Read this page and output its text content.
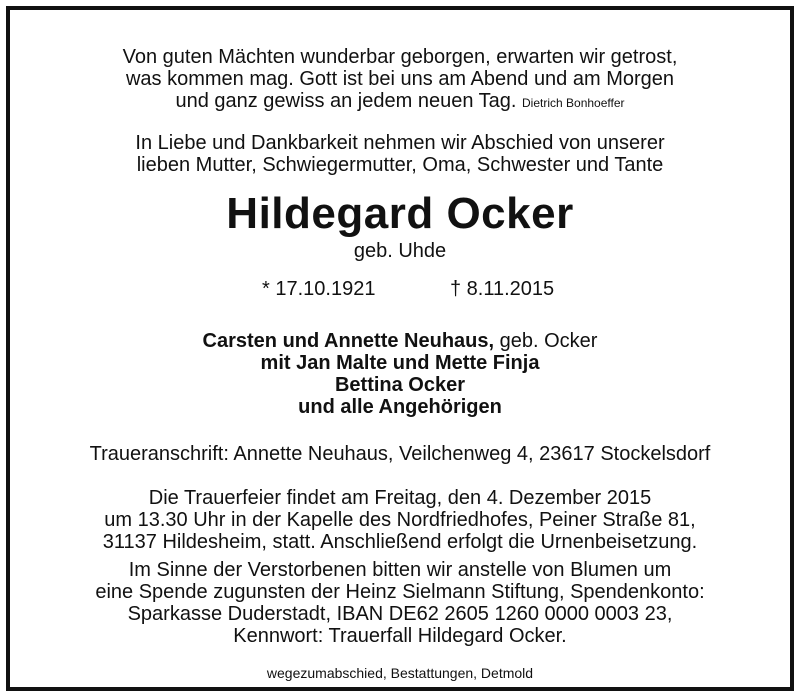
Von guten Mächten wunderbar geborgen, erwarten wir getrost,
was kommen mag. Gott ist bei uns am Abend und am Morgen
und ganz gewiss an jedem neuen Tag. Dietrich Bonhoeffer
In Liebe und Dankbarkeit nehmen wir Abschied von unserer
lieben Mutter, Schwiegermutter, Oma, Schwester und Tante
Hildegard Ocker
geb. Uhde
* 17.10.1921	† 8.11.2015
Carsten und Annette Neuhaus, geb. Ocker
mit Jan Malte und Mette Finja
Bettina Ocker
und alle Angehörigen
Traueranschrift: Annette Neuhaus, Veilchenweg 4, 23617 Stockelsdorf
Die Trauerfeier findet am Freitag, den 4. Dezember 2015
um 13.30 Uhr in der Kapelle des Nordfriedhofes, Peiner Straße 81,
31137 Hildesheim, statt. Anschließend erfolgt die Urnenbeisetzung.
Im Sinne der Verstorbenen bitten wir anstelle von Blumen um
eine Spende zugunsten der Heinz Sielmann Stiftung, Spendenkonto:
Sparkasse Duderstadt, IBAN DE62 2605 1260 0000 0003 23,
Kennwort: Trauerfall Hildegard Ocker.
wegezumabschied, Bestattungen, Detmold
